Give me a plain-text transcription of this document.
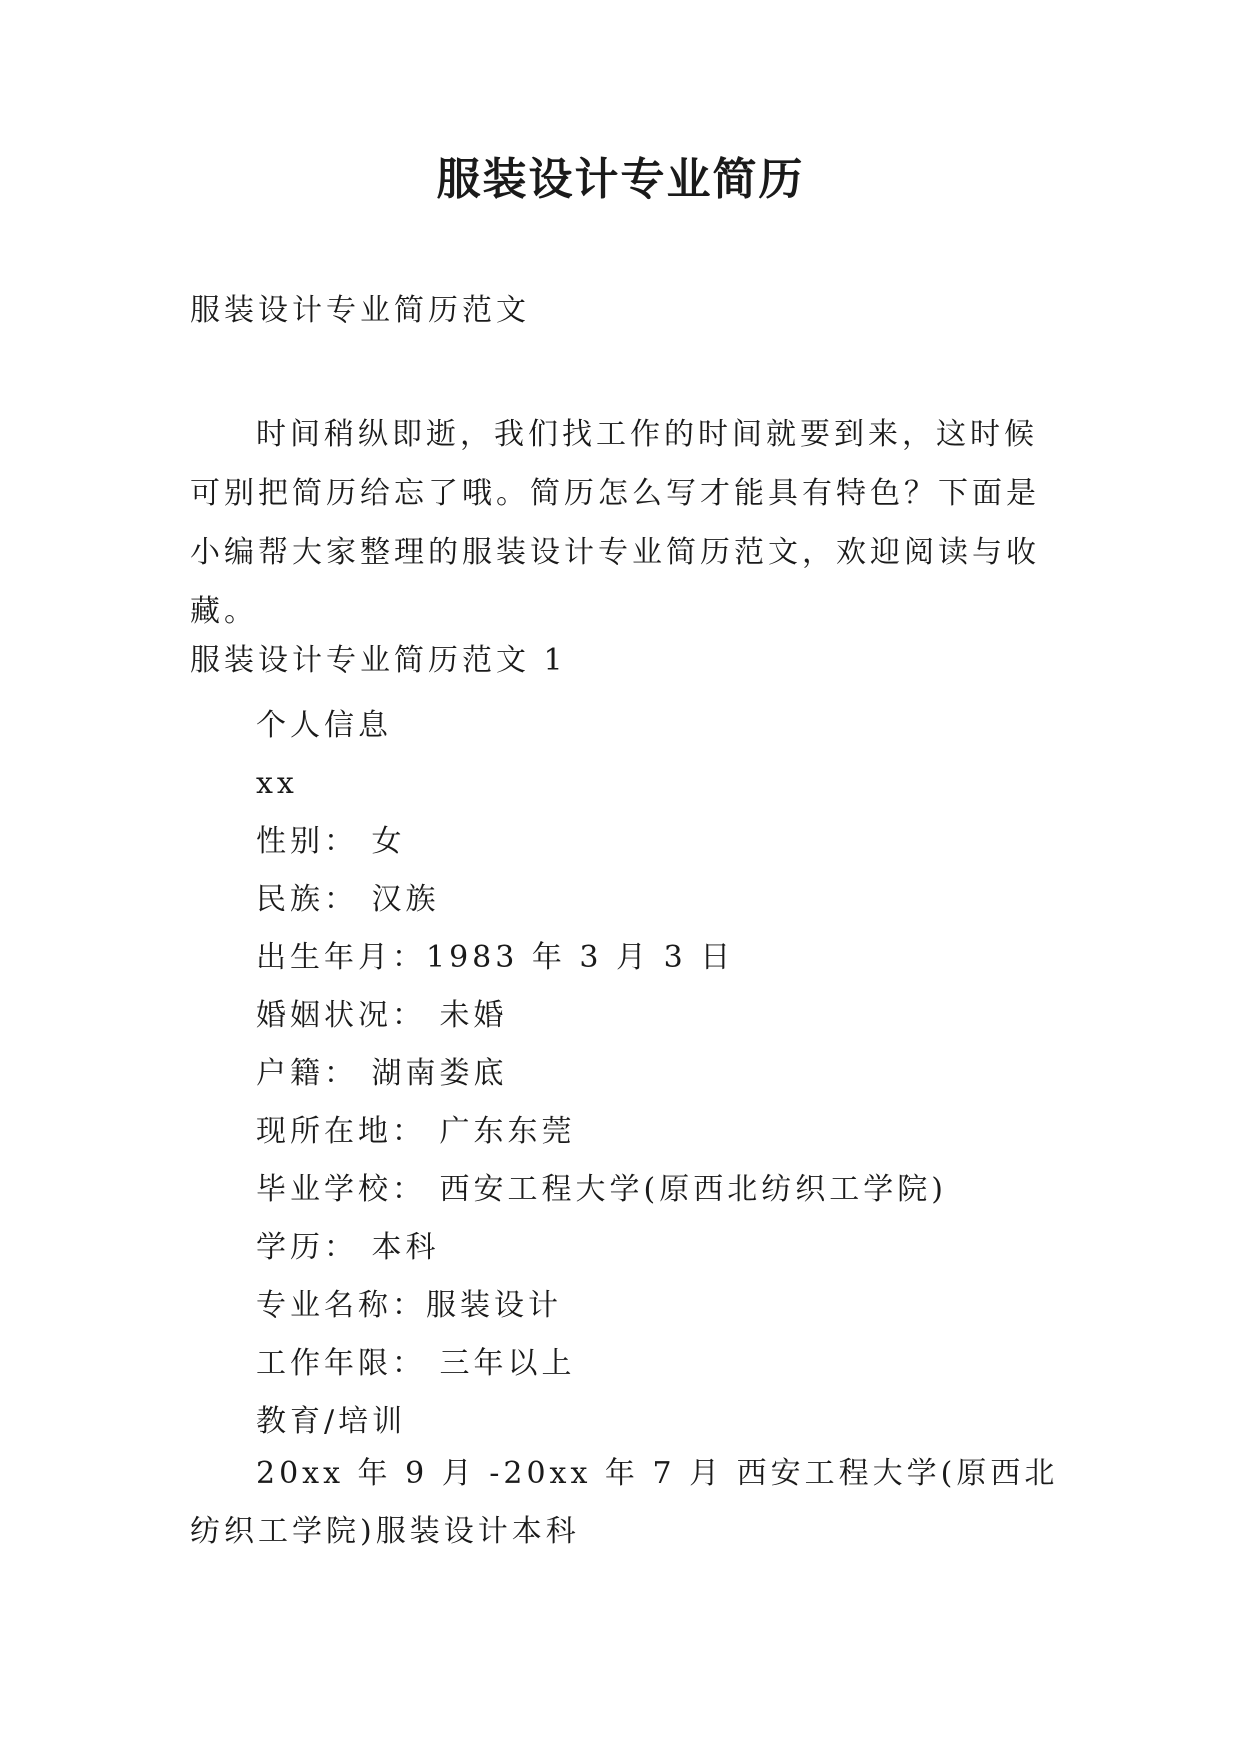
服装设计专业简历

服装设计专业简历范文

时间稍纵即逝，我们找工作的时间就要到来，这时候可别把简历给忘了哦。简历怎么写才能具有特色？下面是小编帮大家整理的服装设计专业简历范文，欢迎阅读与收藏。

服装设计专业简历范文 1

个人信息
xx
性别： 女
民族： 汉族
出生年月：1983 年 3 月 3 日
婚姻状况： 未婚
户籍： 湖南娄底
现所在地： 广东东莞
毕业学校： 西安工程大学(原西北纺织工学院)
学历： 本科
专业名称：服装设计
工作年限： 三年以上
教育/培训

20xx 年 9 月 -20xx 年 7 月 西安工程大学(原西北纺织工学院)服装设计本科
